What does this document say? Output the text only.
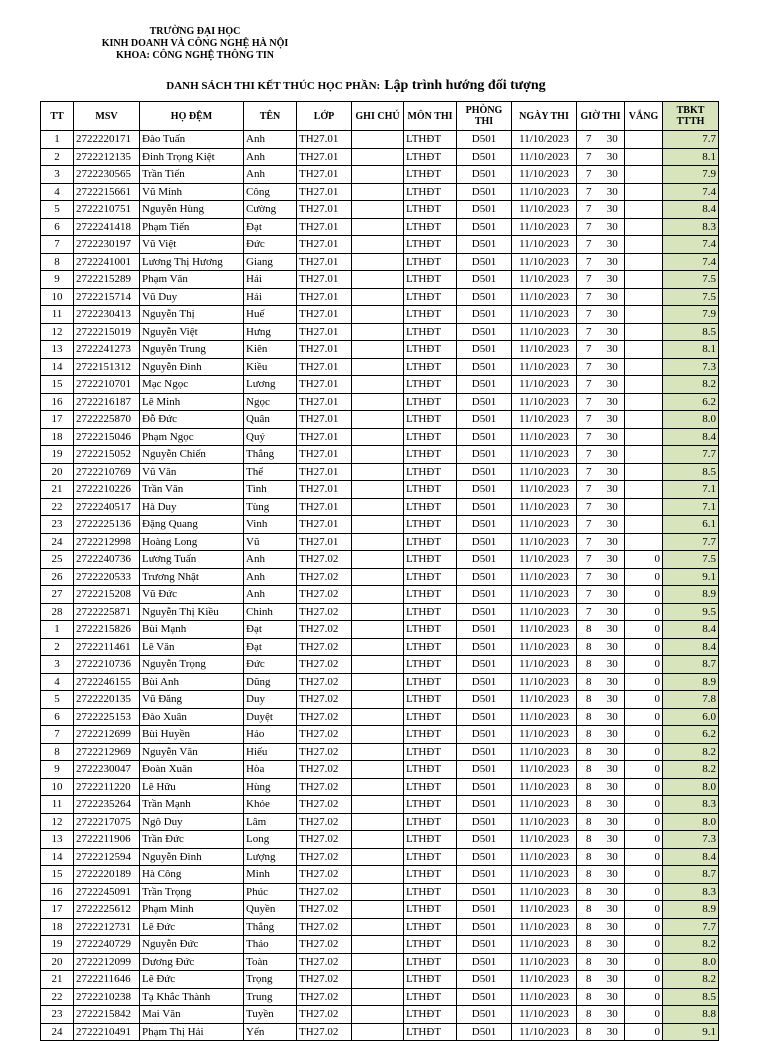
TRƯỜNG ĐẠI HỌC
KINH DOANH VÀ CÔNG NGHỆ HÀ NỘI
KHOA: CÔNG NGHỆ THÔNG TIN
DANH SÁCH THI KẾT THÚC HỌC PHẦN: Lập trình hướng đối tượng
TT	MSV	HỌ ĐỆM	TÊN	LỚP	GHI CHÚ	MÔN THI	PHÒNG THI	NGÀY THI	GIỜ THI		VẮNG	TBKT TTTH
1	2722220171	Đào Tuấn	Anh	TH27.01		LTHĐT	D501	11/10/2023	7	30		7.7
2	2722212135	Đinh Trọng Kiệt	Anh	TH27.01		LTHĐT	D501	11/10/2023	7	30		8.1
3	2722230565	Trần Tiến	Anh	TH27.01		LTHĐT	D501	11/10/2023	7	30		7.9
4	2722215661	Vũ Minh	Công	TH27.01		LTHĐT	D501	11/10/2023	7	30		7.4
5	2722210751	Nguyễn Hùng	Cường	TH27.01		LTHĐT	D501	11/10/2023	7	30		8.4
6	2722241418	Phạm Tiến	Đạt	TH27.01		LTHĐT	D501	11/10/2023	7	30		8.3
7	2722230197	Vũ Việt	Đức	TH27.01		LTHĐT	D501	11/10/2023	7	30		7.4
8	2722241001	Lương Thị Hương	Giang	TH27.01		LTHĐT	D501	11/10/2023	7	30		7.4
9	2722215289	Phạm Văn	Hải	TH27.01		LTHĐT	D501	11/10/2023	7	30		7.5
10	2722215714	Vũ Duy	Hải	TH27.01		LTHĐT	D501	11/10/2023	7	30		7.5
11	2722230413	Nguyễn Thị	Huế	TH27.01		LTHĐT	D501	11/10/2023	7	30		7.9
12	2722215019	Nguyễn Việt	Hưng	TH27.01		LTHĐT	D501	11/10/2023	7	30		8.5
13	2722241273	Nguyễn Trung	Kiên	TH27.01		LTHĐT	D501	11/10/2023	7	30		8.1
14	2722151312	Nguyễn Đình	Kiều	TH27.01		LTHĐT	D501	11/10/2023	7	30		7.3
15	2722210701	Mạc Ngọc	Lương	TH27.01		LTHĐT	D501	11/10/2023	7	30		8.2
16	2722216187	Lê Minh	Ngọc	TH27.01		LTHĐT	D501	11/10/2023	7	30		6.2
17	2722225870	Đỗ Đức	Quân	TH27.01		LTHĐT	D501	11/10/2023	7	30		8.0
18	2722215046	Phạm Ngọc	Quý	TH27.01		LTHĐT	D501	11/10/2023	7	30		8.4
19	2722215052	Nguyễn Chiến	Thắng	TH27.01		LTHĐT	D501	11/10/2023	7	30		7.7
20	2722210769	Vũ Văn	Thể	TH27.01		LTHĐT	D501	11/10/2023	7	30		8.5
21	2722210226	Trần Văn	Tình	TH27.01		LTHĐT	D501	11/10/2023	7	30		7.1
22	2722240517	Hà Duy	Tùng	TH27.01		LTHĐT	D501	11/10/2023	7	30		7.1
23	2722225136	Đặng Quang	Vinh	TH27.01		LTHĐT	D501	11/10/2023	7	30		6.1
24	2722212998	Hoàng Long	Vũ	TH27.01		LTHĐT	D501	11/10/2023	7	30		7.7
25	2722240736	Lương Tuấn	Anh	TH27.02		LTHĐT	D501	11/10/2023	7	30	0	7.5
26	2722220533	Trương Nhật	Anh	TH27.02		LTHĐT	D501	11/10/2023	7	30	0	9.1
27	2722215208	Vũ Đức	Anh	TH27.02		LTHĐT	D501	11/10/2023	7	30	0	8.9
28	2722225871	Nguyễn Thị Kiều	Chinh	TH27.02		LTHĐT	D501	11/10/2023	7	30	0	9.5
1	2722215826	Bùi Mạnh	Đạt	TH27.02		LTHĐT	D501	11/10/2023	8	30	0	8.4
2	2722211461	Lê Văn	Đạt	TH27.02		LTHĐT	D501	11/10/2023	8	30	0	8.4
3	2722210736	Nguyễn Trọng	Đức	TH27.02		LTHĐT	D501	11/10/2023	8	30	0	8.7
4	2722246155	Bùi Anh	Dũng	TH27.02		LTHĐT	D501	11/10/2023	8	30	0	8.9
5	2722220135	Vũ Đăng	Duy	TH27.02		LTHĐT	D501	11/10/2023	8	30	0	7.8
6	2722225153	Đào Xuân	Duyệt	TH27.02		LTHĐT	D501	11/10/2023	8	30	0	6.0
7	2722212699	Bùi Huyền	Hảo	TH27.02		LTHĐT	D501	11/10/2023	8	30	0	6.2
8	2722212969	Nguyễn Văn	Hiếu	TH27.02		LTHĐT	D501	11/10/2023	8	30	0	8.2
9	2722230047	Đoàn Xuân	Hòa	TH27.02		LTHĐT	D501	11/10/2023	8	30	0	8.2
10	2722211220	Lê Hữu	Hùng	TH27.02		LTHĐT	D501	11/10/2023	8	30	0	8.0
11	2722235264	Trần Mạnh	Khỏe	TH27.02		LTHĐT	D501	11/10/2023	8	30	0	8.3
12	2722217075	Ngô Duy	Lâm	TH27.02		LTHĐT	D501	11/10/2023	8	30	0	8.0
13	2722211906	Trần Đức	Long	TH27.02		LTHĐT	D501	11/10/2023	8	30	0	7.3
14	2722212594	Nguyễn Đình	Lượng	TH27.02		LTHĐT	D501	11/10/2023	8	30	0	8.4
15	2722220189	Hà Công	Minh	TH27.02		LTHĐT	D501	11/10/2023	8	30	0	8.7
16	2722245091	Trần Trọng	Phúc	TH27.02		LTHĐT	D501	11/10/2023	8	30	0	8.3
17	2722225612	Phạm Minh	Quyền	TH27.02		LTHĐT	D501	11/10/2023	8	30	0	8.9
18	2722212731	Lê Đức	Thắng	TH27.02		LTHĐT	D501	11/10/2023	8	30	0	7.7
19	2722240729	Nguyễn Đức	Thảo	TH27.02		LTHĐT	D501	11/10/2023	8	30	0	8.2
20	2722212099	Dương Đức	Toàn	TH27.02		LTHĐT	D501	11/10/2023	8	30	0	8.0
21	2722211646	Lê Đức	Trọng	TH27.02		LTHĐT	D501	11/10/2023	8	30	0	8.2
22	2722210238	Tạ Khắc Thành	Trung	TH27.02		LTHĐT	D501	11/10/2023	8	30	0	8.5
23	2722215842	Mai Văn	Tuyền	TH27.02		LTHĐT	D501	11/10/2023	8	30	0	8.8
24	2722210491	Phạm Thị Hải	Yến	TH27.02		LTHĐT	D501	11/10/2023	8	30	0	9.1
